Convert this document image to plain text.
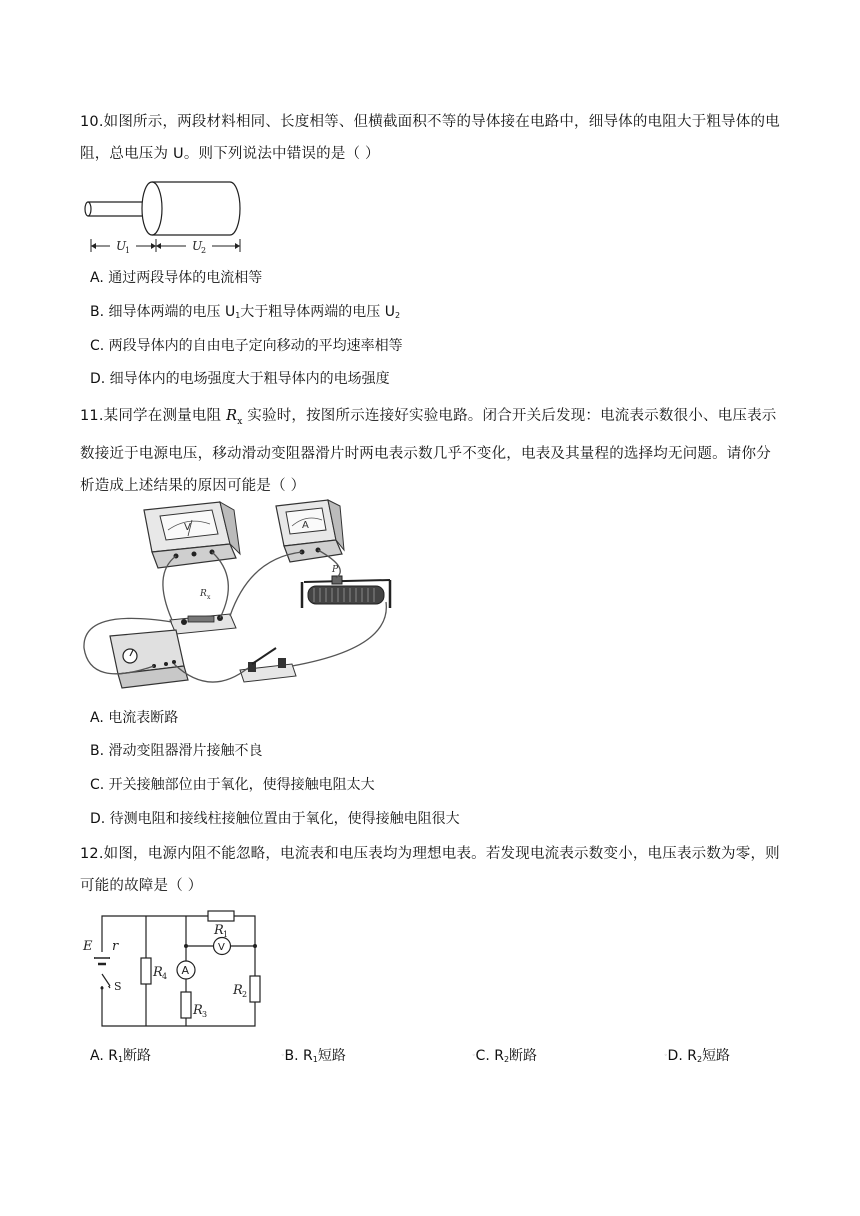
10.如图所示，两段材料相同、长度相等、但横截面积不等的导体接在电路中，细导体的电阻大于粗导体的电阻，总电压为 U。则下列说法中错误的是（ ）
U
1	U
2
A. 通过两段导体的电流相等
B. 细导体两端的电压 $U_1$大于粗导体两端的电压 $U_2$
C. 两段导体内的自由电子定向移动的平均速率相等
D. 细导体内的电场强度大于粗导体内的电场强度
11.某同学在测量电阻 $R_x$ 实验时，按图所示连接好实验电路。闭合开关后发现：电流表示数很小、电压表示数接近于电源电压，移动滑动变阻器滑片时两电表示数几乎不变化，电表及其量程的选择均无问题。请你分析造成上述结果的原因可能是（ ）
V	A
R x
P
A. 电流表断路
B. 滑动变阻器滑片接触不良
C. 开关接触部位由于氧化，使得接触电阻太大
D. 待测电阻和接线柱接触位置由于氧化，使得接触电阻很大
12.如图，电源内阻不能忽略，电流表和电压表均为理想电表。若发现电流表示数变小，电压表示数为零，则可能的故障是（ ）
A
V
E r
R
R
R
R
1
4
3
2
S
A. $R_1$断路	◦B. $R_1$短路	◦C. $R_2$断路	◦D. $R_2$短路
